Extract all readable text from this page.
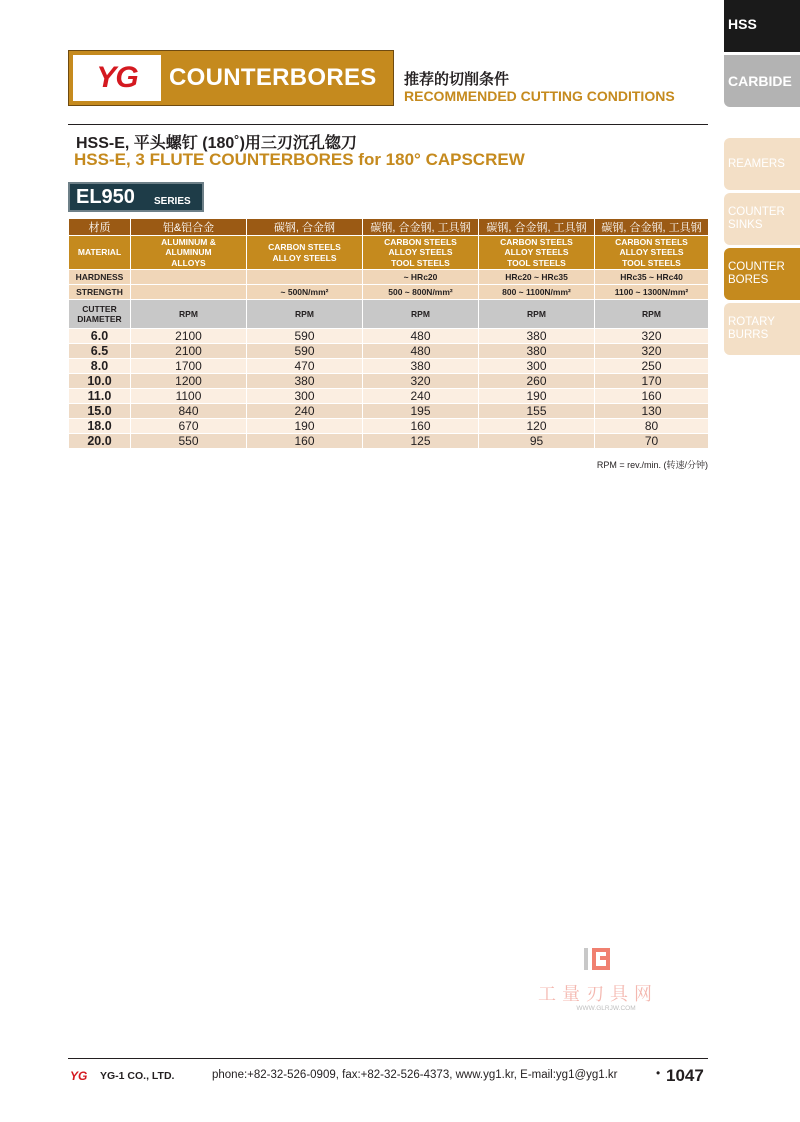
HSS
CARBIDE
REAMERS
COUNTER
SINKS
COUNTER
BORES
ROTARY
BURRS
YG COUNTERBORES 推荐的切削条件
RECOMMENDED CUTTING CONDITIONS
HSS-E, 平头螺钉 (180˚)用三刃沉孔锪刀
HSS-E, 3 FLUTE COUNTERBORES for 180° CAPSCREW
EL950 SERIES
材质	铝&铝合金	碳钢, 合金钢	碳钢, 合金钢, 工具钢	碳钢, 合金钢, 工具钢	碳钢, 合金钢, 工具钢
MATERIAL	ALUMINUM &
ALUMINUM
ALLOYS	CARBON STEELS
ALLOY STEELS	CARBON STEELS
ALLOY STEELS
TOOL STEELS	CARBON STEELS
ALLOY STEELS
TOOL STEELS	CARBON STEELS
ALLOY STEELS
TOOL STEELS
HARDNESS			~ HRc20	HRc20 ~ HRc35	HRc35 ~ HRc40
STRENGTH		~ 500N/mm²	500 ~ 800N/mm²	800 ~ 1100N/mm²	1100 ~ 1300N/mm²
CUTTER
DIAMETER	RPM	RPM	RPM	RPM	RPM
6.0	2100	590	480	380	320
6.5	2100	590	480	380	320
8.0	1700	470	380	300	250
10.0	1200	380	320	260	170
11.0	1100	300	240	190	160
15.0	840	240	195	155	130
18.0	670	190	160	120	80
20.0	550	160	125	95	70
RPM = rev./min. (转速/分钟)
工量刃具网
WWW.GLRJW.COM
YG YG-1 CO., LTD.	phone:+82-32-526-0909, fax:+82-32-526-4373, www.yg1.kr, E-mail:yg1@yg1.kr	• 1047
